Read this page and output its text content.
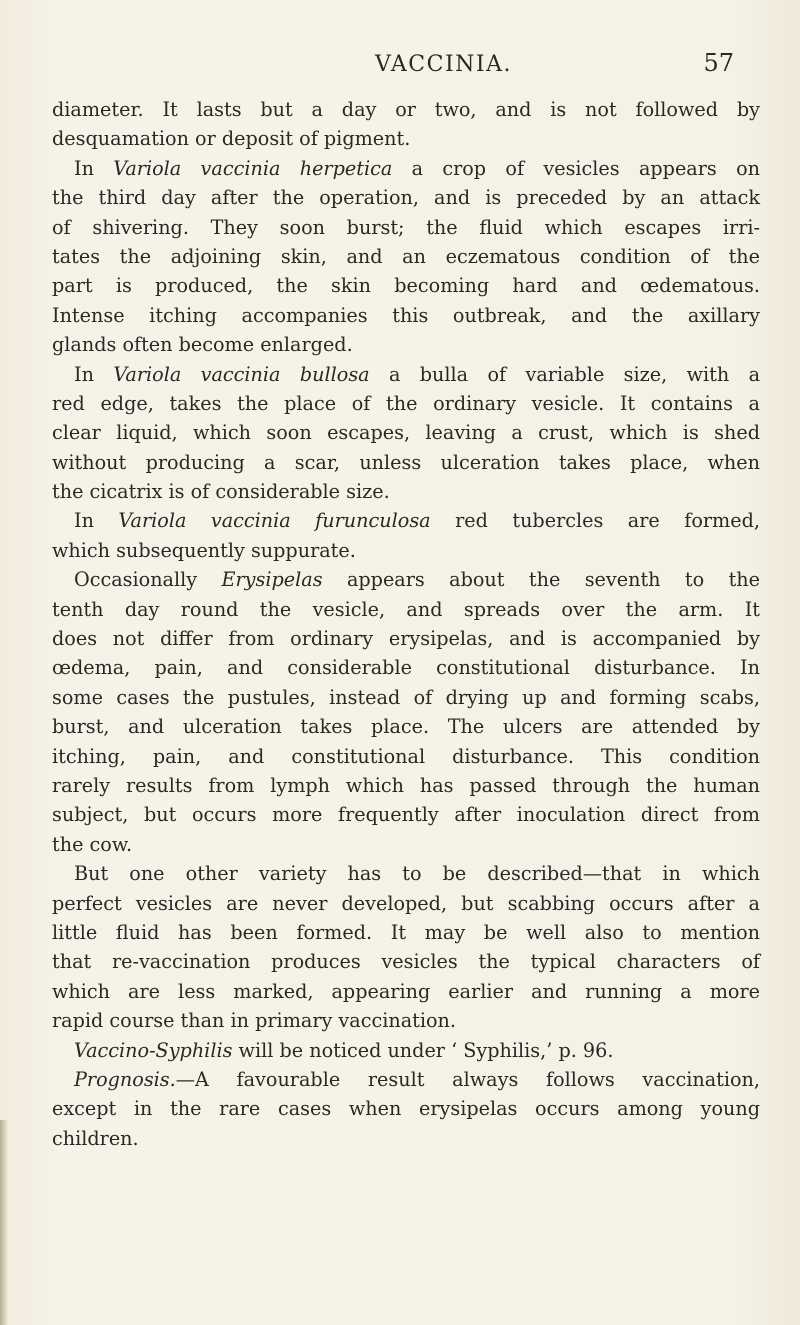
VACCINIA.	57
diameter. It lasts but a day or two, and is not followed by
desquamation or deposit of pigment.
In Variola vaccinia herpetica a crop of vesicles appears on
the third day after the operation, and is preceded by an attack
of shivering. They soon burst; the fluid which escapes irri-
tates the adjoining skin, and an eczematous condition of the
part is produced, the skin becoming hard and œdematous.
Intense itching accompanies this outbreak, and the axillary
glands often become enlarged.
In Variola vaccinia bullosa a bulla of variable size, with a
red edge, takes the place of the ordinary vesicle. It contains a
clear liquid, which soon escapes, leaving a crust, which is shed
without producing a scar, unless ulceration takes place, when
the cicatrix is of considerable size.
In Variola vaccinia furunculosa red tubercles are formed,
which subsequently suppurate.
Occasionally Erysipelas appears about the seventh to the
tenth day round the vesicle, and spreads over the arm. It
does not differ from ordinary erysipelas, and is accompanied by
œdema, pain, and considerable constitutional disturbance. In
some cases the pustules, instead of drying up and forming scabs,
burst, and ulceration takes place. The ulcers are attended by
itching, pain, and constitutional disturbance. This condition
rarely results from lymph which has passed through the human
subject, but occurs more frequently after inoculation direct from
the cow.
But one other variety has to be described—that in which
perfect vesicles are never developed, but scabbing occurs after a
little fluid has been formed. It may be well also to mention
that re-vaccination produces vesicles the typical characters of
which are less marked, appearing earlier and running a more
rapid course than in primary vaccination.
Vaccino-Syphilis will be noticed under ‘ Syphilis,’ p. 96.
Prognosis.—A favourable result always follows vaccination,
except in the rare cases when erysipelas occurs among young
children.
